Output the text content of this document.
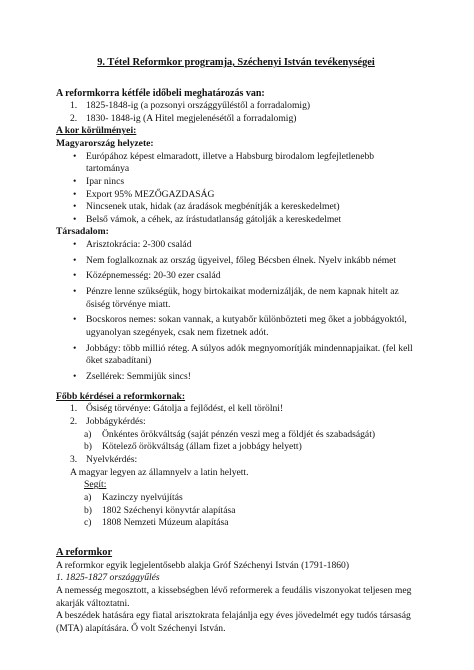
9. Tétel Reformkor programja, Széchenyi István tevékenységei
A reformkorra kétféle időbeli meghatározás van:
1. 1825-1848-ig (a pozsonyi országgyűléstől a forradalomig)
2. 1830- 1848-ig (A Hitel megjelenésétől a forradalomig)
A kor körülményei:
Magyarország helyzete:
• Európához képest elmaradott, illetve a Habsburg birodalom legfejletlenebb tartománya
• Ipar nincs
• Export 95% MEZŐGAZDASÁG
• Nincsenek utak, hidak (az áradások megbénítják a kereskedelmet)
• Belső vámok, a céhek, az írástudatlanság gátolják a kereskedelmet
Társadalom:
• Arisztokrácia: 2-300 család
• Nem foglalkoznak az ország ügyeivel, főleg Bécsben élnek. Nyelv inkább német
• Középnemesség: 20-30 ezer család
• Pénzre lenne szükségük, hogy birtokaikat modernizálják, de nem kapnak hitelt az ősiség törvénye miatt.
• Bocskoros nemes: sokan vannak, a kutyabőr különbözteti meg őket a jobbágyoktól, ugyanolyan szegények, csak nem fizetnek adót.
• Jobbágy: több millió réteg. A súlyos adók megnyomorítják mindennapjaikat. (fel kell őket szabadítani)
• Zsellérek: Semmijük sincs!
Főbb kérdései a reformkornak:
1. Ősiség törvénye: Gátolja a fejlődést, el kell törölni!
2. Jobbágykérdés:
a) Önkéntes örökváltság (saját pénzén veszi meg a földjét és szabadságát)
b) Kötelező örökváltság (állam fizet a jobbágy helyett)
3. Nyelvkérdés:
A magyar legyen az államnyelv a latin helyett.
Segít:
a) Kazinczy nyelvújítás
b) 1802 Széchenyi könyvtár alapítása
c) 1808 Nemzeti Múzeum alapítása
A reformkor
A reformkor egyik legjelentősebb alakja Gróf Széchenyi István (1791-1860)
1. 1825-1827 országgyűlés
A nemesség megosztott, a kissebségben lévő reformerek a feudális viszonyokat teljesen meg akarják változtatni.
A beszédek hatására egy fiatal arisztokrata felajánlja egy éves jövedelmét egy tudós társaság (MTA) alapítására. Ő volt Széchenyi István.
